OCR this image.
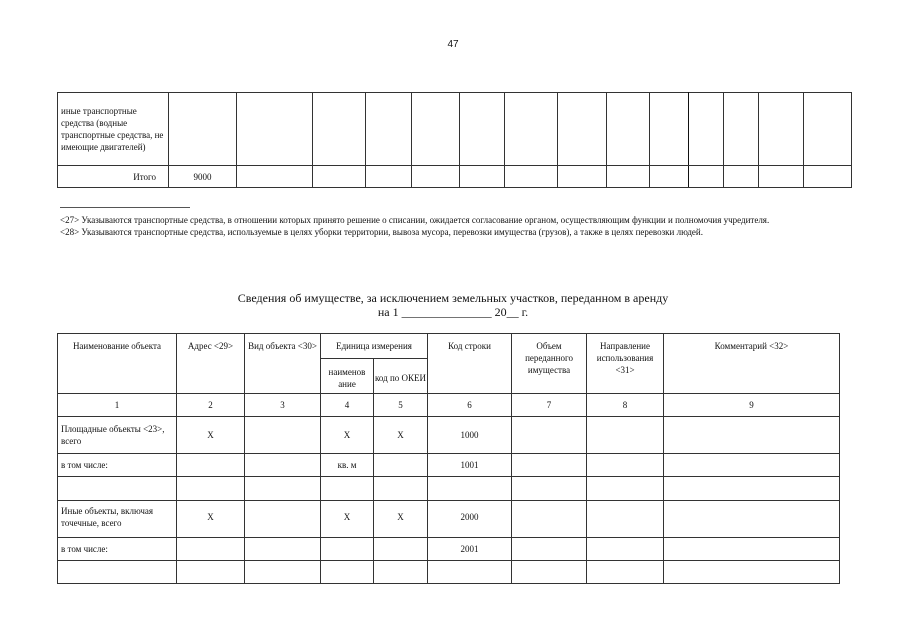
47
иные транспортные средства (водные транспортные средства, не имеющие двигателей)														
Итого	9000													

<27> Указываются транспортные средства, в отношении которых принято решение о списании, ожидается согласование органом, осуществляющим функции и полномочия учредителя.

<28> Указываются транспортные средства, используемые в целях уборки территории, вывоза мусора, перевозки имущества (грузов), а также в целях перевозки людей.

Сведения об имуществе, за исключением земельных участков, переданном в аренду
на 1 _______________ 20__ г.
Наименование объекта	Адрес <29>	Вид объекта <30>	Единица измерения		Код строки	Объем переданного имущества	Направление использования <31>	Комментарий <32>
			наименов ание	код по ОКЕИ				
1	2	3	4	5	6	7	8	9
Площадные объекты <23>, всего	X		X	X	1000			
в том числе:			кв. м		1001			

Иные объекты, включая точечные, всего	X		X	X	2000			
в том числе:					2001			
